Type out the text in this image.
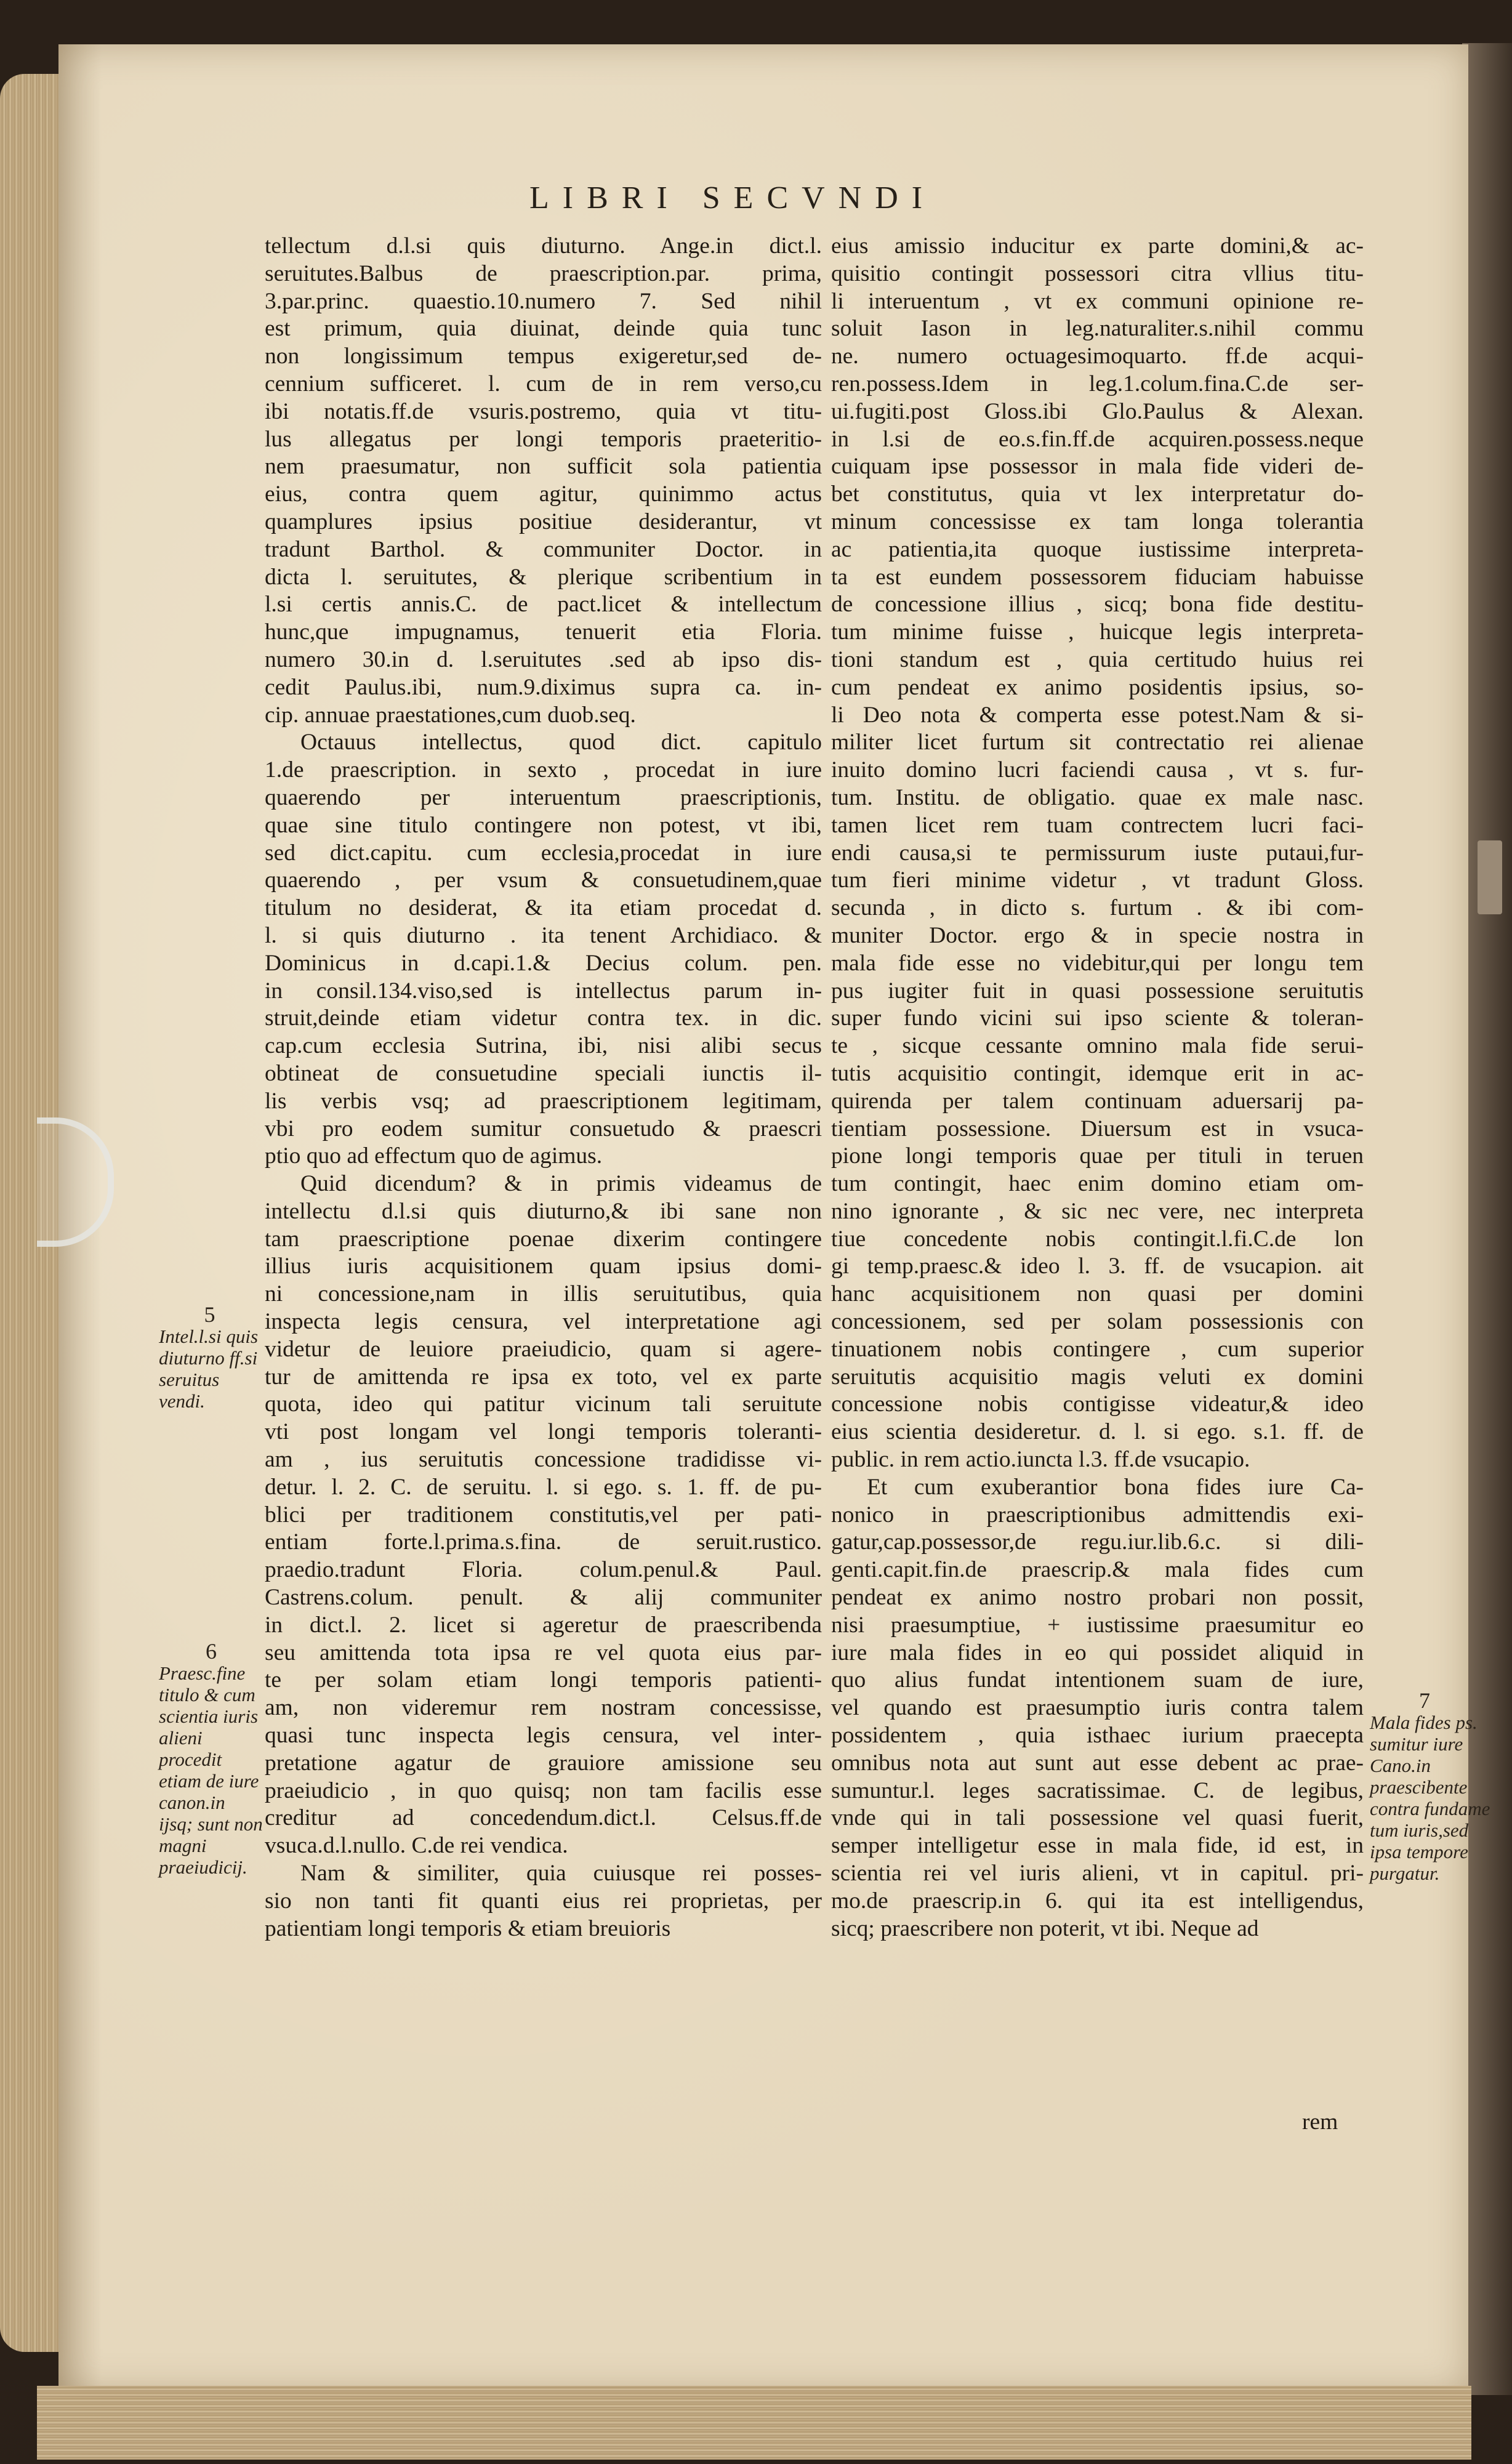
LIBRI SECVNDI
tellectum d.l.si quis diuturno. Ange.in dict.l.
seruitutes.Balbus de praescription.par. prima,
3.par.princ. quaestio.10.numero 7. Sed nihil
est primum, quia diuinat, deinde quia tunc
non longissimum tempus exigeretur,sed de-
cennium sufficeret. l. cum de in rem verso,cu
ibi notatis.ff.de vsuris.postremo, quia vt titu-
lus allegatus per longi temporis praeteritio-
nem praesumatur, non sufficit sola patientia
eius, contra quem agitur, quinimmo actus
quamplures ipsius positiue desiderantur, vt
tradunt Barthol. & communiter Doctor. in
dicta l. seruitutes, & plerique scribentium in
l.si certis annis.C. de pact.licet & intellectum
hunc,que impugnamus, tenuerit etia Floria.
numero 30.in d. l.seruitutes .sed ab ipso dis-
cedit Paulus.ibi, num.9.diximus supra ca. in-
cip. annuae praestationes,cum duob.seq.
Octauus intellectus, quod dict. capitulo
1.de praescription. in sexto , procedat in iure
quaerendo per interuentum praescriptionis,
quae sine titulo contingere non potest, vt ibi,
sed dict.capitu. cum ecclesia,procedat in iure
quaerendo , per vsum & consuetudinem,quae
titulum no desiderat, & ita etiam procedat d.
l. si quis diuturno . ita tenent Archidiaco. &
Dominicus in d.capi.1.& Decius colum. pen.
in consil.134.viso,sed is intellectus parum in-
struit,deinde etiam videtur contra tex. in dic.
cap.cum ecclesia Sutrina, ibi, nisi alibi secus
obtineat de consuetudine speciali iunctis il-
lis verbis vsq; ad praescriptionem legitimam,
vbi pro eodem sumitur consuetudo & praescri
ptio quo ad effectum quo de agimus.
Quid dicendum? & in primis videamus de
intellectu d.l.si quis diuturno,& ibi sane non
tam praescriptione poenae dixerim contingere
illius iuris acquisitionem quam ipsius domi-
ni concessione,nam in illis seruitutibus, quia
inspecta legis censura, vel interpretatione agi
videtur de leuiore praeiudicio, quam si agere-
tur de amittenda re ipsa ex toto, vel ex parte
quota, ideo qui patitur vicinum tali seruitute
vti post longam vel longi temporis toleranti-
am , ius seruitutis concessione tradidisse vi-
detur. l. 2. C. de seruitu. l. si ego. s. 1. ff. de pu-
blici per traditionem constitutis,vel per pati-
entiam forte.l.prima.s.fina. de seruit.rustico.
praedio.tradunt Floria. colum.penul.& Paul.
Castrens.colum. penult. & alij communiter
in dict.l. 2. licet si ageretur de praescribenda
seu amittenda tota ipsa re vel quota eius par-
te per solam etiam longi temporis patienti-
am, non videremur rem nostram concessisse,
quasi tunc inspecta legis censura, vel inter-
pretatione agatur de grauiore amissione seu
praeiudicio , in quo quisq; non tam facilis esse
creditur ad concedendum.dict.l. Celsus.ff.de
vsuca.d.l.nullo. C.de rei vendica.
Nam & similiter, quia cuiusque rei posses-
sio non tanti fit quanti eius rei proprietas, per
patientiam longi temporis & etiam breuioris
eius amissio inducitur ex parte domini,& ac-
quisitio contingit possessori citra vllius titu-
li interuentum , vt ex communi opinione re-
soluit Iason in leg.naturaliter.s.nihil commu
ne. numero octuagesimoquarto. ff.de acqui-
ren.possess.Idem in leg.1.colum.fina.C.de ser-
ui.fugiti.post Gloss.ibi Glo.Paulus & Alexan.
in l.si de eo.s.fin.ff.de acquiren.possess.neque
cuiquam ipse possessor in mala fide videri de-
bet constitutus, quia vt lex interpretatur do-
minum concessisse ex tam longa tolerantia
ac patientia,ita quoque iustissime interpreta-
ta est eundem possessorem fiduciam habuisse
de concessione illius , sicq; bona fide destitu-
tum minime fuisse , huicque legis interpreta-
tioni standum est , quia certitudo huius rei
cum pendeat ex animo posidentis ipsius, so-
li Deo nota & comperta esse potest.Nam & si-
militer licet furtum sit contrectatio rei alienae
inuito domino lucri faciendi causa , vt s. fur-
tum. Institu. de obligatio. quae ex male nasc.
tamen licet rem tuam contrectem lucri faci-
endi causa,si te permissurum iuste putaui,fur-
tum fieri minime videtur , vt tradunt Gloss.
secunda , in dicto s. furtum . & ibi com-
muniter Doctor. ergo & in specie nostra in
mala fide esse no videbitur,qui per longu tem
pus iugiter fuit in quasi possessione seruitutis
super fundo vicini sui ipso sciente & toleran-
te , sicque cessante omnino mala fide serui-
tutis acquisitio contingit, idemque erit in ac-
quirenda per talem continuam aduersarij pa-
tientiam possessione. Diuersum est in vsuca-
pione longi temporis quae per tituli in teruen
tum contingit, haec enim domino etiam om-
nino ignorante , & sic nec vere, nec interpreta
tiue concedente nobis contingit.l.fi.C.de lon
gi temp.praesc.& ideo l. 3. ff. de vsucapion. ait
hanc acquisitionem non quasi per domini
concessionem, sed per solam possessionis con
tinuationem nobis contingere , cum superior
seruitutis acquisitio magis veluti ex domini
concessione nobis contigisse videatur,& ideo
eius scientia desideretur. d. l. si ego. s.1. ff. de
public. in rem actio.iuncta l.3. ff.de vsucapio.
Et cum exuberantior bona fides iure Ca-
nonico in praescriptionibus admittendis exi-
gatur,cap.possessor,de regu.iur.lib.6.c. si dili-
genti.capit.fin.de praescrip.& mala fides cum
pendeat ex animo nostro probari non possit,
nisi praesumptiue, + iustissime praesumitur eo
iure mala fides in eo qui possidet aliquid in
quo alius fundat intentionem suam de iure,
vel quando est praesumptio iuris contra talem
possidentem , quia isthaec iurium praecepta
omnibus nota aut sunt aut esse debent ac prae-
sumuntur.l. leges sacratissimae. C. de legibus,
vnde qui in tali possessione vel quasi fuerit,
semper intelligetur esse in mala fide, id est, in
scientia rei vel iuris alieni, vt in capitul. pri-
mo.de praescrip.in 6. qui ita est intelligendus,
sicq; praescribere non poterit, vt ibi. Neque ad
5
Intel.l.si quis diuturno ff.si seruitus vendi.
6
Praesc.fine titulo & cum scientia iuris alieni procedit etiam de iure canon.in ijsq; sunt non magni praeiudicij.
7
Mala fides ps. sumitur iure Cano.in praescibente contra fundame tum iuris,sed ipsa tempore purgatur.
rem
